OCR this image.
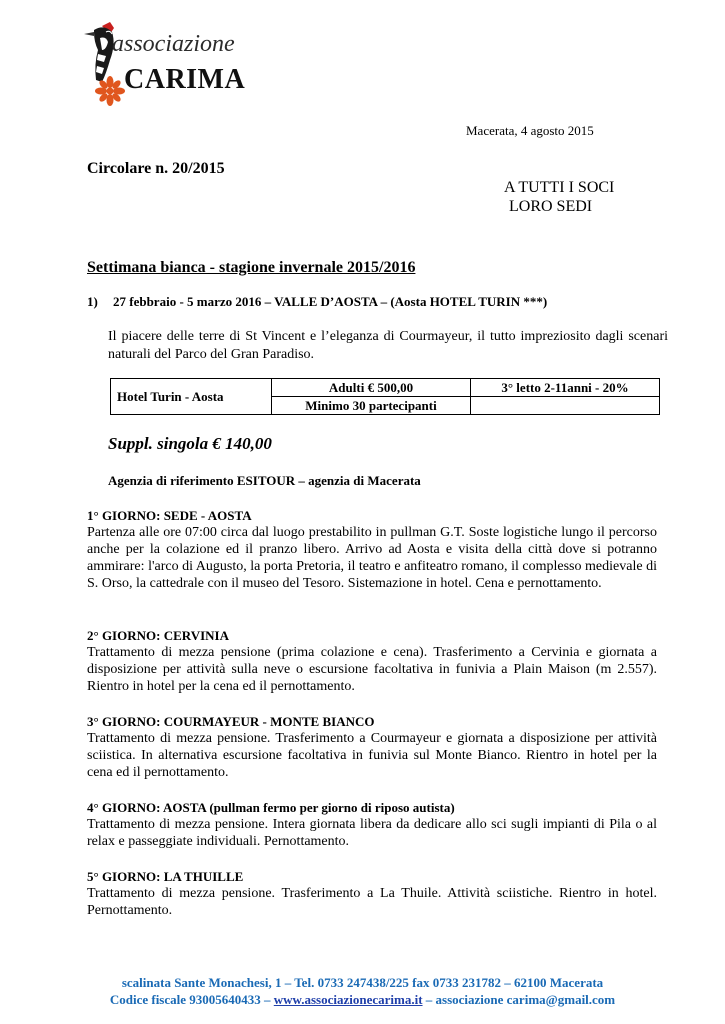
associazione
CARIMA
Macerata, 4 agosto 2015
Circolare n. 20/2015
A TUTTI I SOCI
LORO SEDI
Settimana bianca - stagione invernale 2015/2016
1) 27 febbraio - 5 marzo 2016 – VALLE D’AOSTA – (Aosta HOTEL TURIN ***)
Il piacere delle terre di St Vincent e l’eleganza di Courmayeur, il tutto impreziosito dagli scenari naturali del Parco del Gran Paradiso.
Hotel Turin - Aosta	Adulti € 500,00	3° letto 2-11anni - 20%
	Minimo 30 partecipanti	
Suppl. singola € 140,00
Agenzia di riferimento ESITOUR – agenzia di Macerata
1° GIORNO: SEDE - AOSTA

Partenza alle ore 07:00 circa dal luogo prestabilito in pullman G.T. Soste logistiche lungo il percorso anche per la colazione ed il pranzo libero. Arrivo ad Aosta e visita della città dove si potranno ammirare: l'arco di Augusto, la porta Pretoria, il teatro e anfiteatro romano, il complesso medievale di S. Orso, la cattedrale con il museo del Tesoro. Sistemazione in hotel. Cena e pernottamento.

2° GIORNO: CERVINIA

Trattamento di mezza pensione (prima colazione e cena). Trasferimento a Cervinia e giornata a disposizione per attività sulla neve o escursione facoltativa in funivia a Plain Maison (m 2.557). Rientro in hotel per la cena ed il pernottamento.

3° GIORNO: COURMAYEUR - MONTE BIANCO

Trattamento di mezza pensione. Trasferimento a Courmayeur e giornata a disposizione per attività sciistica. In alternativa escursione facoltativa in funivia sul Monte Bianco. Rientro in hotel per la cena ed il pernottamento.

4° GIORNO: AOSTA (pullman fermo per giorno di riposo autista)

Trattamento di mezza pensione. Intera giornata libera da dedicare allo sci sugli impianti di Pila o al relax e passeggiate individuali. Pernottamento.

5° GIORNO: LA THUILLE

Trattamento di mezza pensione. Trasferimento a La Thuile. Attività sciistiche. Rientro in hotel. Pernottamento.

scalinata Sante Monachesi, 1 – Tel. 0733 247438/225 fax 0733 231782 – 62100 Macerata
Codice fiscale 93005640433 – www.associazionecarima.it – associazione carima@gmail.com
